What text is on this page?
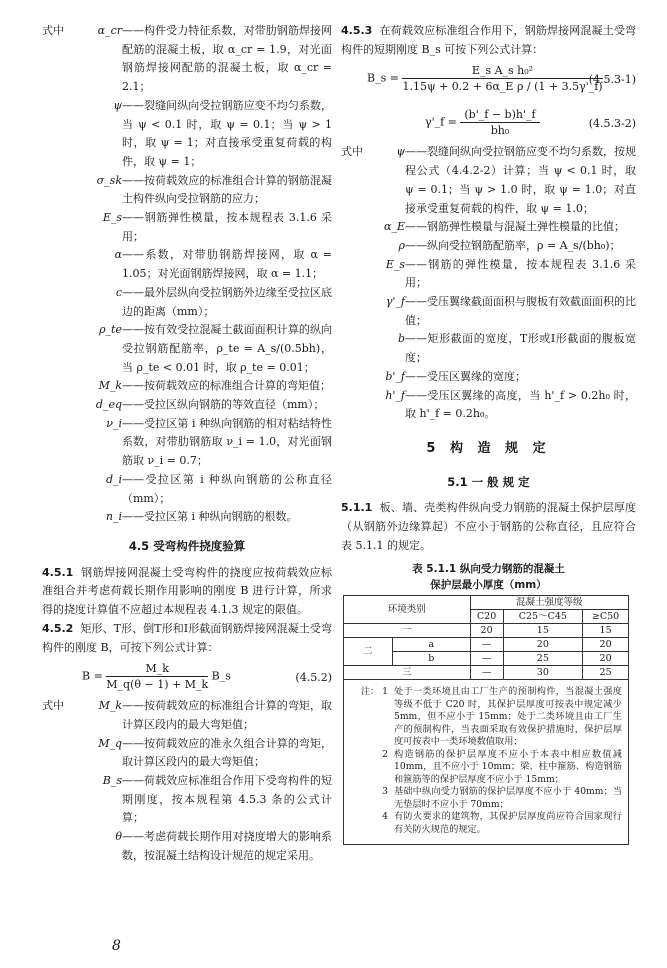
式中	α_cr ——构件受力特征系数，对带肋钢筋焊接网配筋的混凝土板，取 α_cr = 1.9，对光面钢筋焊接网配筋的混凝土板，取 α_cr = 2.1；
ψ ——裂缝间纵向受拉钢筋应变不均匀系数，当 ψ < 0.1 时，取 ψ = 0.1；当 ψ > 1 时，取 ψ = 1；对直接承受重复荷载的构件，取 ψ = 1；
σ_sk ——按荷载效应的标准组合计算的钢筋混凝土构件纵向受拉钢筋的应力；
E_s ——钢筋弹性模量，按本规程表 3.1.6 采用；
α ——系数，对带肋钢筋焊接网，取 α = 1.05；对光面钢筋焊接网，取 α = 1.1；
c ——最外层纵向受拉钢筋外边缘至受拉区底边的距离（mm）；
ρ_te ——按有效受拉混凝土截面面积计算的纵向受拉钢筋配筋率，ρ_te = A_s/(0.5bh)，当 ρ_te < 0.01 时，取 ρ_te = 0.01；
M_k ——按荷载效应的标准组合计算的弯矩值；
d_eq ——受拉区纵向钢筋的等效直径（mm）；
ν_i ——受拉区第 i 种纵向钢筋的相对粘结特性系数，对带肋钢筋取 ν_i = 1.0，对光面钢筋取 ν_i = 0.7；
d_i ——受拉区第 i 种纵向钢筋的公称直径（mm）；
n_i ——受拉区第 i 种纵向钢筋的根数。
4.5 受弯构件挠度验算
4.5.1 钢筋焊接网混凝土受弯构件的挠度应按荷载效应标准组合并考虑荷载长期作用影响的刚度 B 进行计算，所求得的挠度计算值不应超过本规程表 4.1.3 规定的限值。
4.5.2 矩形、T形、倒T形和I形截面钢筋焊接网混凝土受弯构件的刚度 B，可按下列公式计算：
$B = \frac{M\_k}{M\_q(\theta - 1) + M\_k}$ B_s	(4.5.2)
式中	M_k ——按荷载效应的标准组合计算的弯矩，取计算区段内的最大弯矩值；
M_q ——按荷载效应的准永久组合计算的弯矩，取计算区段内的最大弯矩值；
B_s ——荷载效应标准组合作用下受弯构件的短期刚度，按本规程第 4.5.3 条的公式计算；
θ ——考虑荷载长期作用对挠度增大的影响系数，按混凝土结构设计规范的规定采用。
4.5.3 在荷载效应标准组合作用下，钢筋焊接网混凝土受弯构件的短期刚度 B_s 可按下列公式计算：
B_s = $\frac{\text{E\_s A\_s h₀²}}{\text{1.15ψ + 0.2 + 6α\_E ρ / (1 + 3.5γ'\_f)}}$
(4.5.3-1)
γ'_f = $\frac{(b'\_f - b)h'\_f}{\text{bh₀}}$	(4.5.3-2)
式中	ψ ——裂缝间纵向受拉钢筋应变不均匀系数，按规程公式（4.4.2-2）计算；当 ψ < 0.1 时，取 ψ = 0.1；当 ψ > 1.0 时，取 ψ = 1.0；对直接承受重复荷载的构件，取 ψ = 1.0；
α_E ——钢筋弹性模量与混凝土弹性模量的比值；
ρ ——纵向受拉钢筋配筋率，ρ = A_s/(bh₀)；
E_s ——钢筋的弹性模量，按本规程表 3.1.6 采用；
γ'_f ——受压翼缘截面面积与腹板有效截面面积的比值；
b ——矩形截面的宽度，T形或I形截面的腹板宽度；
b'_f ——受压区翼缘的宽度；
h'_f ——受压区翼缘的高度，当 h'_f > 0.2h₀ 时，取 h'_f = 0.2h₀。
5 构 造 规 定
5.1 一 般 规 定
5.1.1 板、墙、壳类构件纵向受力钢筋的混凝土保护层厚度（从钢筋外边缘算起）不应小于钢筋的公称直径，且应符合表 5.1.1 的规定。
表 5.1.1 纵向受力钢筋的混凝土
保护层最小厚度（mm）
环境类别		混凝土强度等级		
		C20	C25～C45	≥C50
一		20	15	15
二	a	—	20	20
	b	—	25	20
三		—	30	25
注： 1 处于一类环境且由工厂生产的预制构件，当混凝土强度等级不低于 C20 时，其保护层厚度可按表中规定减少 5mm，但不应小于 15mm；处于二类环境且由工厂生产的预制构件，当表面采取有效保护措施时，保护层厚度可按表中一类环境数值取用；
2 构造钢筋的保护层厚度不应小于本表中相应数值减 10mm，且不应小于 10mm；梁、柱中箍筋、构造钢筋和箍筋等的保护层厚度不应小于 15mm；
3 基础中纵向受力钢筋的保护层厚度不应小于 40mm；当无垫层时不应小于 70mm；
4 有防火要求的建筑物，其保护层厚度尚应符合国家现行有关防火规范的规定。
8
